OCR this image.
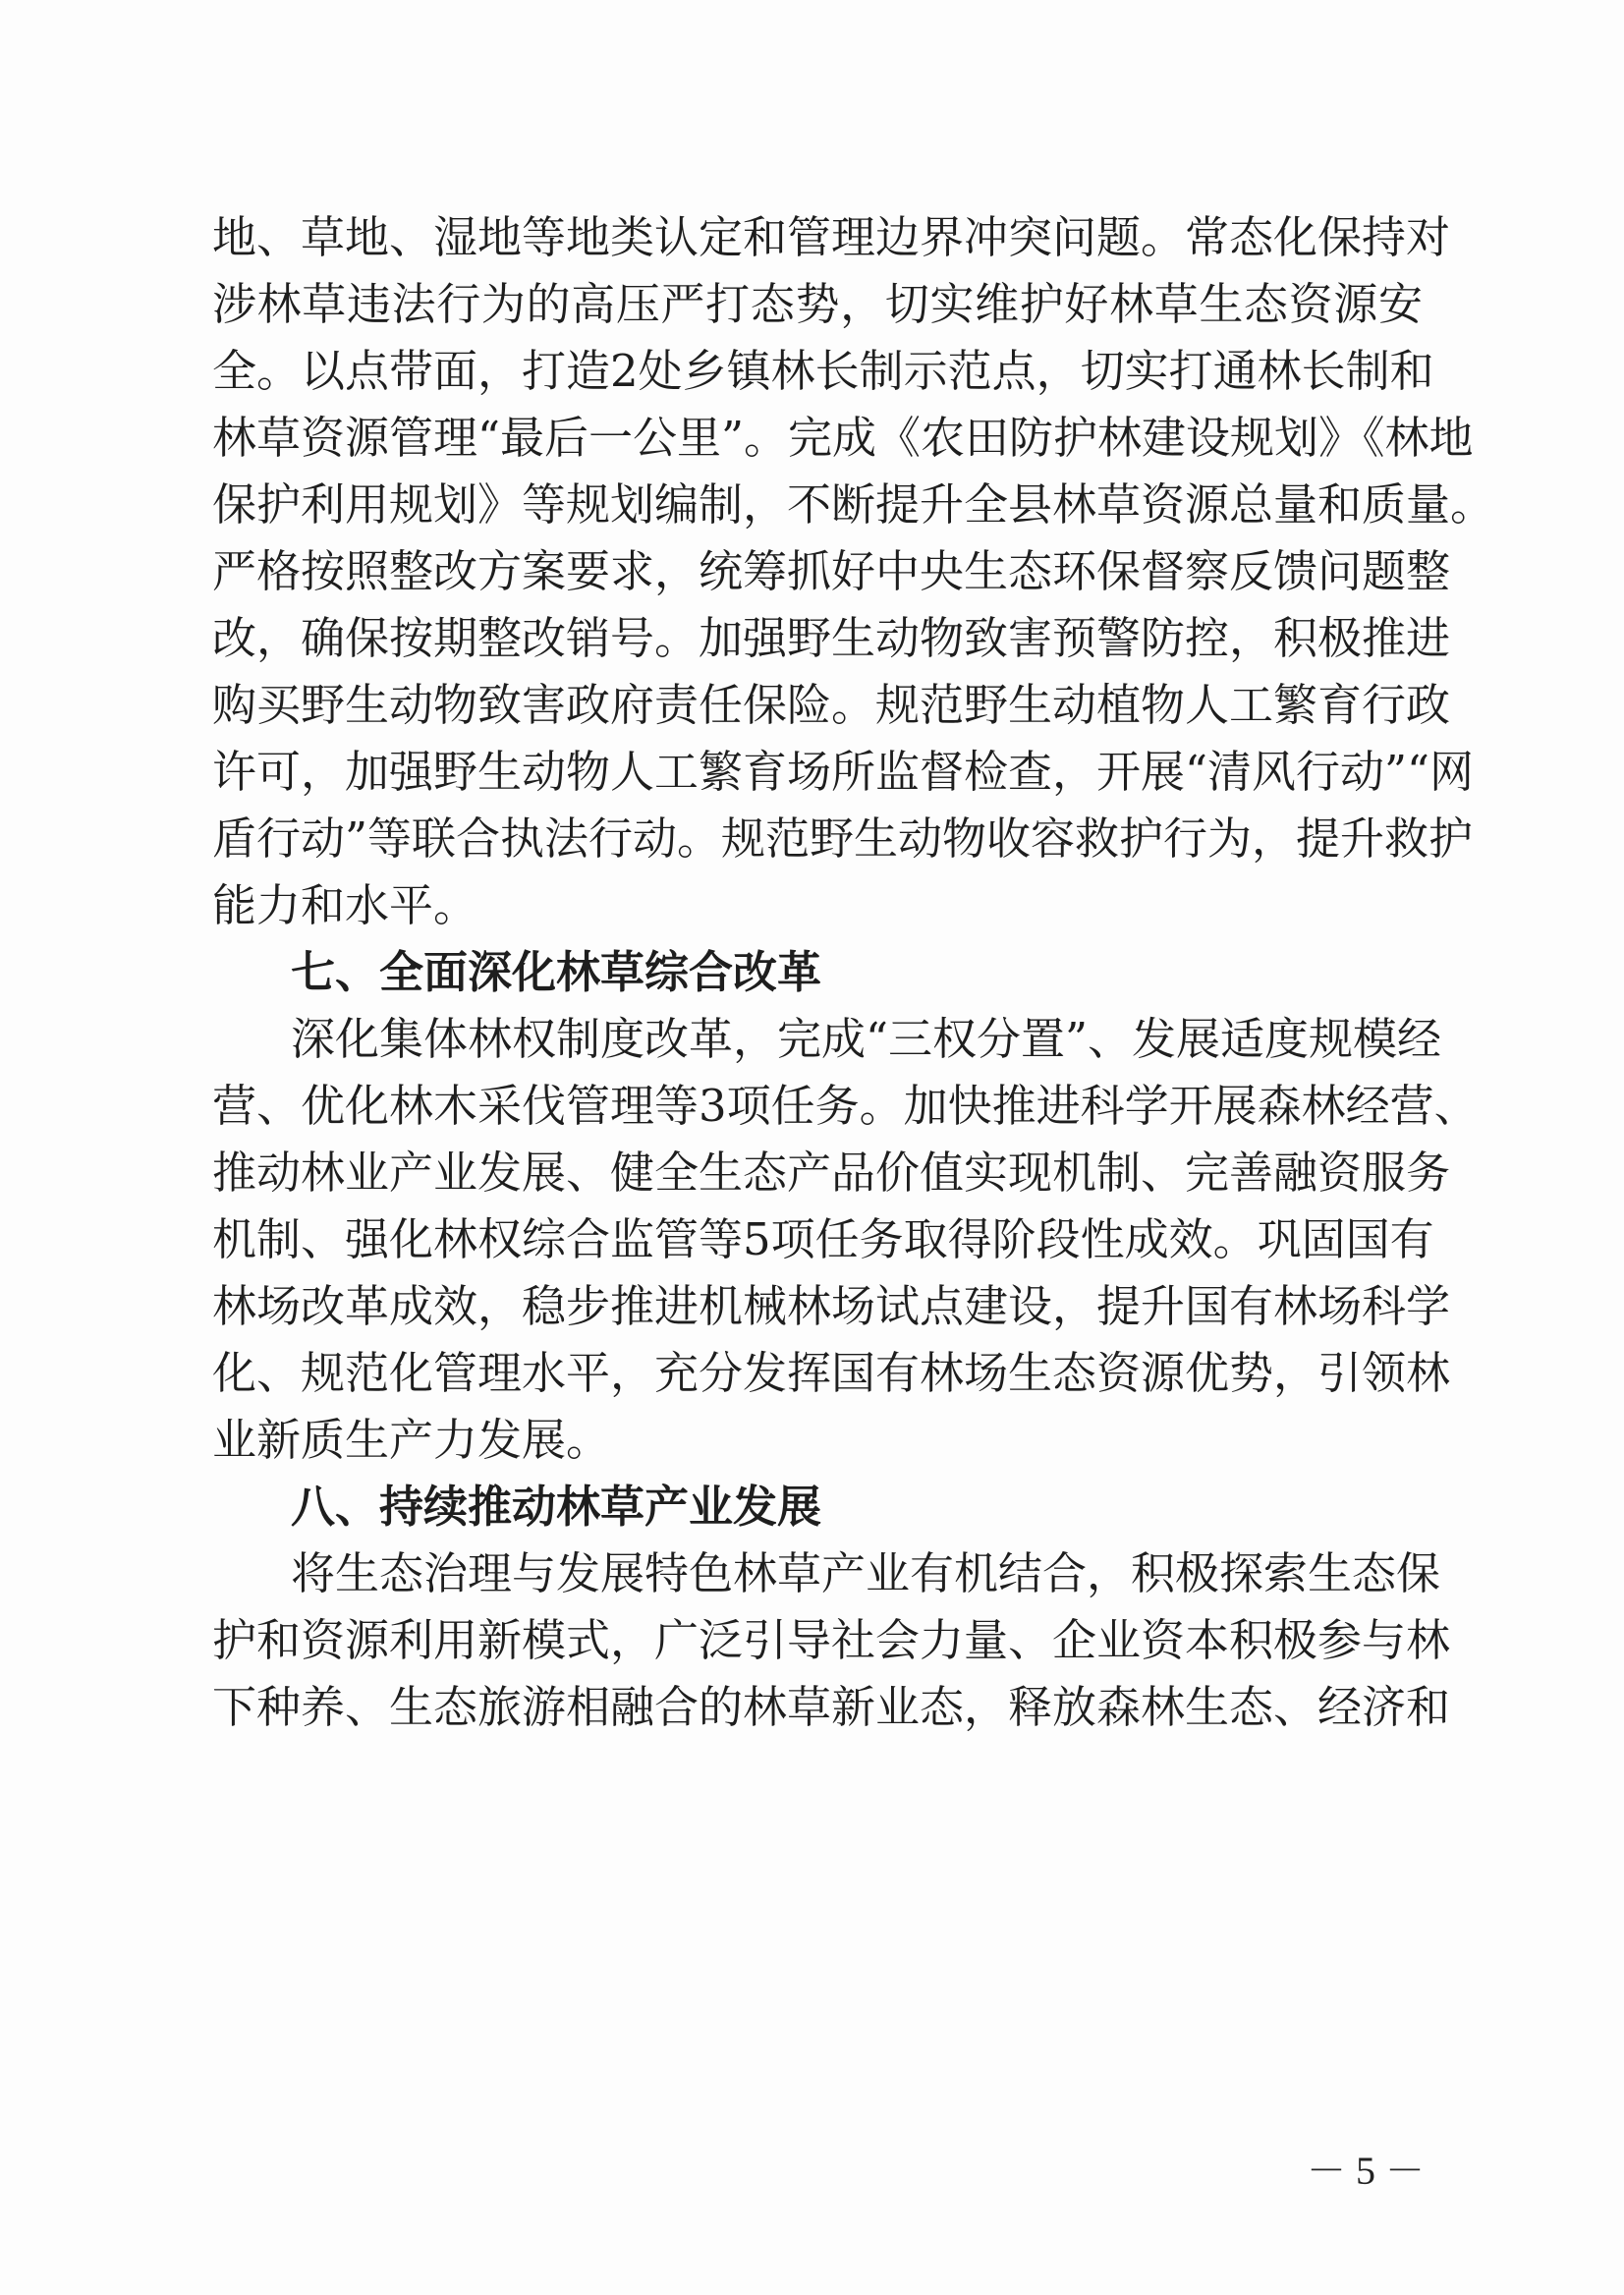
地、草地、湿地等地类认定和管理边界冲突问题。常态化保持对
涉林草违法行为的高压严打态势，切实维护好林草生态资源安
全。以点带面，打造2处乡镇林长制示范点，切实打通林长制和
林草资源管理“最后一公里”。完成《农田防护林建设规划》《林地
保护利用规划》等规划编制，不断提升全县林草资源总量和质量。
严格按照整改方案要求，统筹抓好中央生态环保督察反馈问题整
改，确保按期整改销号。加强野生动物致害预警防控，积极推进
购买野生动物致害政府责任保险。规范野生动植物人工繁育行政
许可，加强野生动物人工繁育场所监督检查，开展“清风行动”“网
盾行动”等联合执法行动。规范野生动物收容救护行为，提升救护
能力和水平。
七、全面深化林草综合改革
深化集体林权制度改革，完成“三权分置”、发展适度规模经
营、优化林木采伐管理等3项任务。加快推进科学开展森林经营、
推动林业产业发展、健全生态产品价值实现机制、完善融资服务
机制、强化林权综合监管等5项任务取得阶段性成效。巩固国有
林场改革成效，稳步推进机械林场试点建设，提升国有林场科学
化、规范化管理水平，充分发挥国有林场生态资源优势，引领林
业新质生产力发展。
八、持续推动林草产业发展
将生态治理与发展特色林草产业有机结合，积极探索生态保
护和资源利用新模式，广泛引导社会力量、企业资本积极参与林
下种养、生态旅游相融合的林草新业态，释放森林生态、经济和
－ 5 －
